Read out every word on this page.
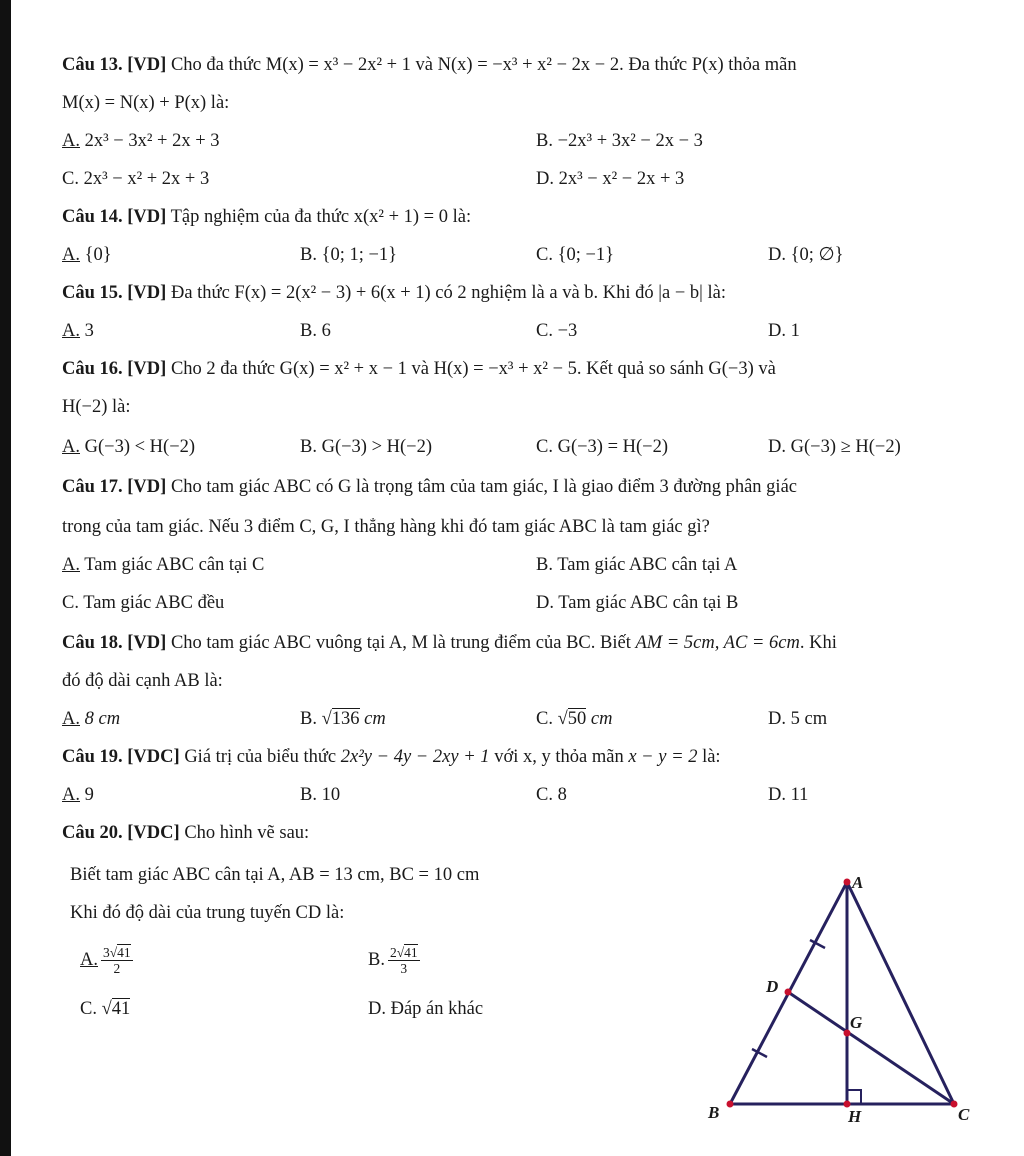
Câu 13. [VD] Cho đa thức M(x) = x³ − 2x² + 1 và N(x) = −x³ + x² − 2x − 2. Đa thức P(x) thỏa mãn
M(x) = N(x) + P(x) là:
A. 2x³ − 3x² + 2x + 3	B. −2x³ + 3x² − 2x − 3
C. 2x³ − x² + 2x + 3	D. 2x³ − x² − 2x + 3
Câu 14. [VD] Tập nghiệm của đa thức x(x² + 1) = 0 là:
A. {0}	B. {0; 1; −1}	C. {0; −1}	D. {0; ∅}
Câu 15. [VD] Đa thức F(x) = 2(x² − 3) + 6(x + 1) có 2 nghiệm là a và b. Khi đó |a − b| là:
A. 3	B. 6	C. −3	D. 1
Câu 16. [VD] Cho 2 đa thức G(x) = x² + x − 1 và H(x) = −x³ + x² − 5. Kết quả so sánh G(−3) và
H(−2) là:
A. G(−3) < H(−2)	B. G(−3) > H(−2)	C. G(−3) = H(−2)	D. G(−3) ≥ H(−2)
Câu 17. [VD] Cho tam giác ABC có G là trọng tâm của tam giác, I là giao điểm 3 đường phân giác
trong của tam giác. Nếu 3 điểm C, G, I thẳng hàng khi đó tam giác ABC là tam giác gì?
A. Tam giác ABC cân tại C	B. Tam giác ABC cân tại A
C. Tam giác ABC đều	D. Tam giác ABC cân tại B
Câu 18. [VD] Cho tam giác ABC vuông tại A, M là trung điểm của BC. Biết AM = 5cm, AC = 6cm. Khi
đó độ dài cạnh AB là:
A. 8 cm	B. √136 cm	C. √50 cm	D. 5 cm
Câu 19. [VDC] Giá trị của biểu thức 2x²y − 4y − 2xy + 1 với x, y thỏa mãn x − y = 2 là:
A. 9	B. 10	C. 8	D. 11
Câu 20. [VDC] Cho hình vẽ sau:
Biết tam giác ABC cân tại A, AB = 13 cm, BC = 10 cm
Khi đó độ dài của trung tuyến CD là:
A. $\frac{3√41}{2}$	B. $\frac{2√41}{3}$
C. √41	D. Đáp án khác
A
B	C
D
G
H
